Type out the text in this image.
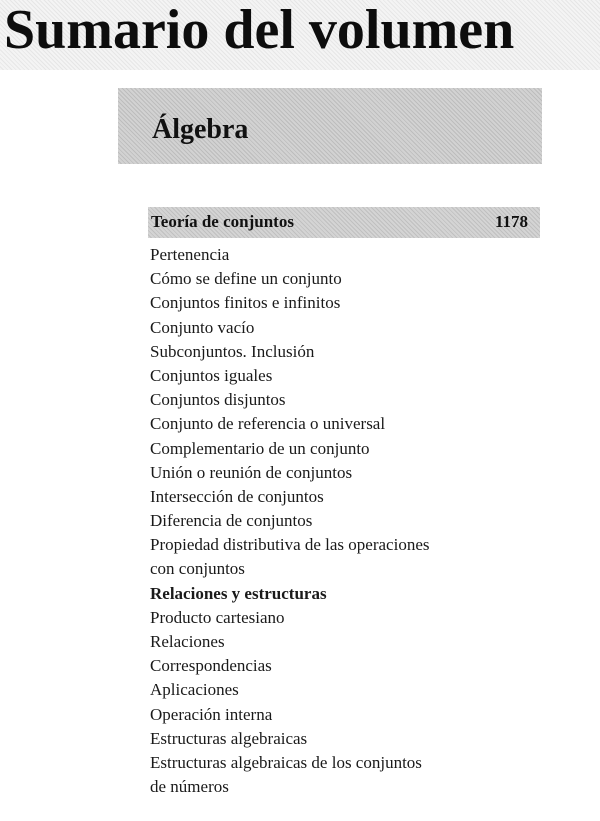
Sumario del volumen
Álgebra
Teoría de conjuntos	1178
Pertenencia
Cómo se define un conjunto
Conjuntos finitos e infinitos
Conjunto vacío
Subconjuntos. Inclusión
Conjuntos iguales
Conjuntos disjuntos
Conjunto de referencia o universal
Complementario de un conjunto
Unión o reunión de conjuntos
Intersección de conjuntos
Diferencia de conjuntos
Propiedad distributiva de las operaciones
con conjuntos
Relaciones y estructuras
Producto cartesiano
Relaciones
Correspondencias
Aplicaciones
Operación interna
Estructuras algebraicas
Estructuras algebraicas de los conjuntos
de números
